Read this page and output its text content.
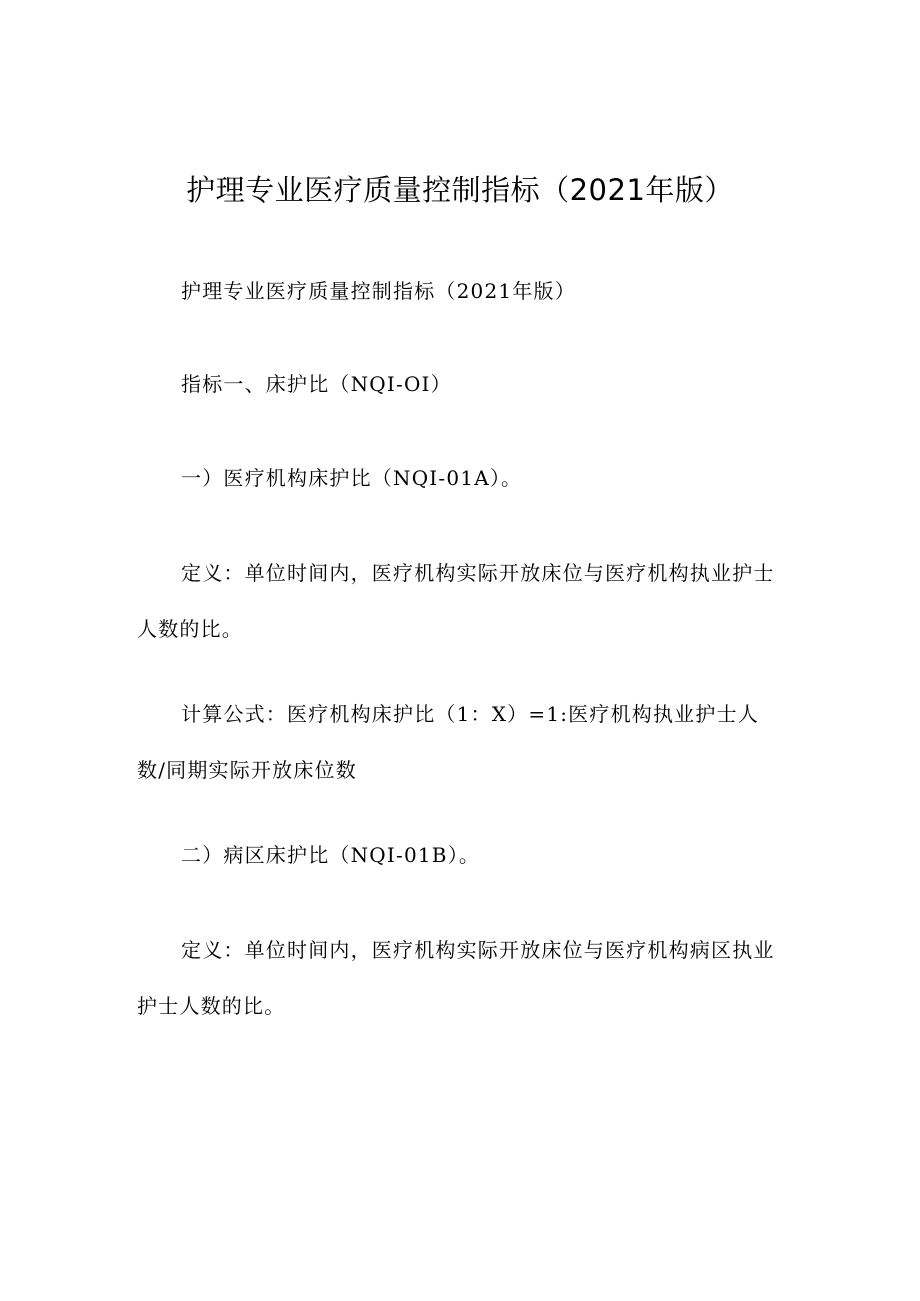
护理专业医疗质量控制指标（2021年版）

护理专业医疗质量控制指标（2021年版）

指标一、床护比（NQI-OI）

一）医疗机构床护比（NQI-01A）。

定义：单位时间内，医疗机构实际开放床位与医疗机构执业护士人数的比。

计算公式：医疗机构床护比（1：X）=1:医疗机构执业护士人数/同期实际开放床位数

二）病区床护比（NQI-01B）。

定义：单位时间内，医疗机构实际开放床位与医疗机构病区执业护士人数的比。
